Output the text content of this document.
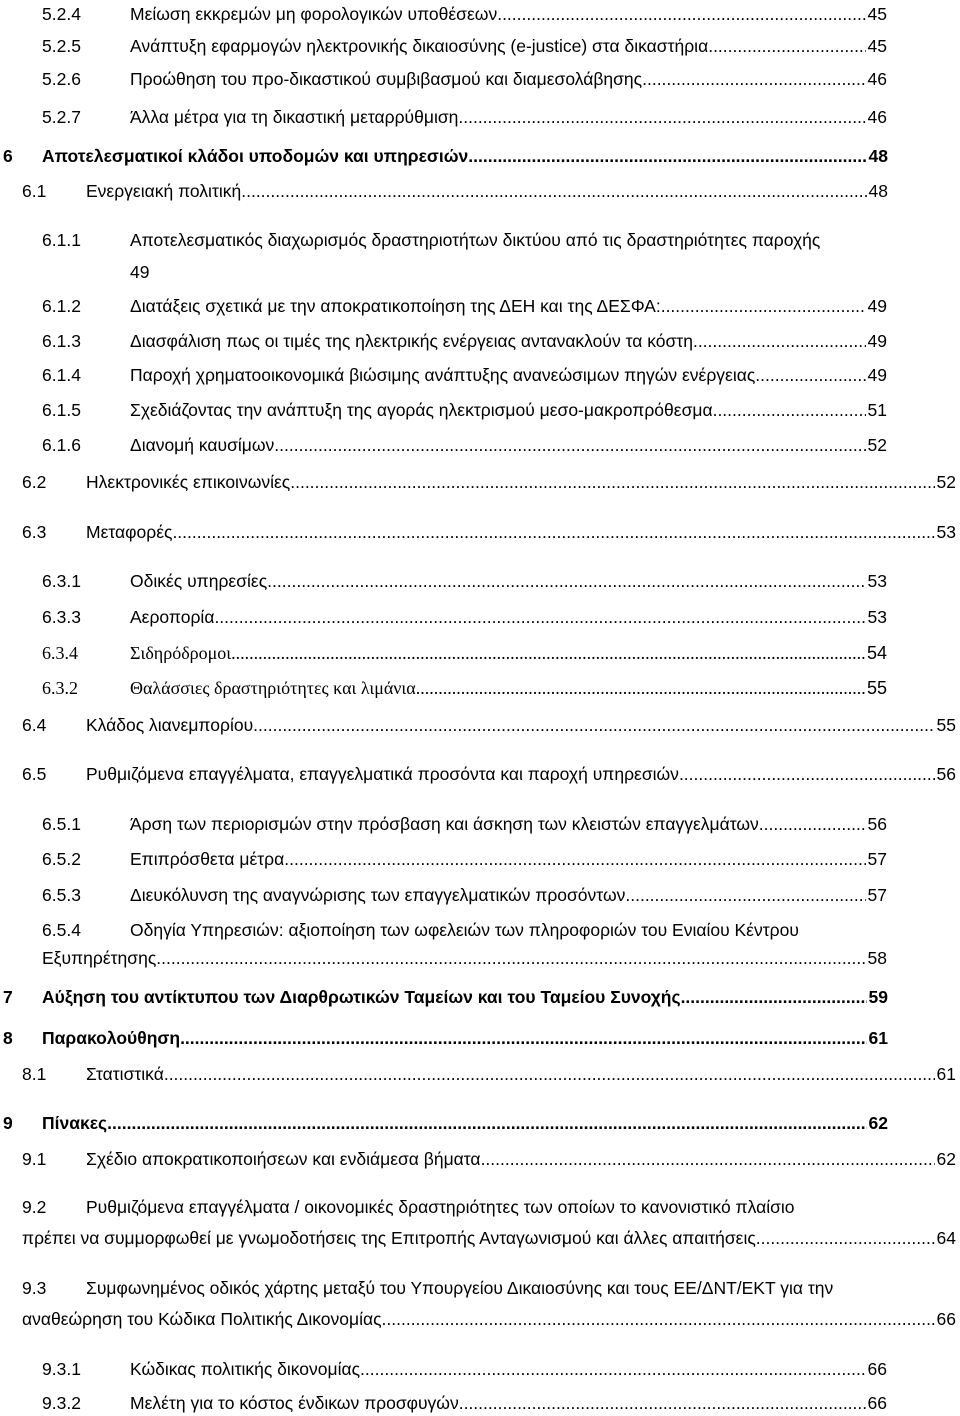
5.2.4	Μείωση εκκρεμών μη φορολογικών υποθέσεων .....	45
5.2.5	Ανάπτυξη εφαρμογών ηλεκτρονικής δικαιοσύνης (e-justice) στα δικαστήρια .....	45
5.2.6	Προώθηση του προ-δικαστικού συμβιβασμού και διαμεσολάβησης .....	46
5.2.7	Άλλα μέτρα για τη δικαστική μεταρρύθμιση .....	46
6 Αποτελεσματικοί κλάδοι υποδομών και υπηρεσιών .....	48
6.1 Ενεργειακή πολιτική .....	48
6.1.1	Αποτελεσματικός διαχωρισμός δραστηριοτήτων δικτύου από τις δραστηριότητες παροχής
49
6.1.2	Διατάξεις σχετικά με την αποκρατικοποίηση της ΔΕΗ και της ΔΕΣΦΑ: .....	49
6.1.3	Διασφάλιση πως οι τιμές της ηλεκτρικής ενέργειας αντανακλούν τα κόστη .....	49
6.1.4	Παροχή χρηματοοικονομικά βιώσιμης ανάπτυξης ανανεώσιμων πηγών ενέργειας .....	49
6.1.5	Σχεδιάζοντας την ανάπτυξη της αγοράς ηλεκτρισμού μεσο-μακροπρόθεσμα .....	51
6.1.6	Διανομή καυσίμων .....	52
6.2 Ηλεκτρονικές επικοινωνίες .....	52
6.3 Μεταφορές .....	53
6.3.1	Οδικές υπηρεσίες .....	53
6.3.3	Αεροπορία .....	53
6.3.4	Σιδηρόδρομοι .....	54
6.3.2	Θαλάσσιες δραστηριότητες και λιμάνια .....	55
6.4 Κλάδος λιανεμπορίου .....	55
6.5 Ρυθμιζόμενα επαγγέλματα, επαγγελματικά προσόντα και παροχή υπηρεσιών .....	56
6.5.1	Άρση των περιορισμών στην πρόσβαση και άσκηση των κλειστών επαγγελμάτων .....	56
6.5.2	Επιπρόσθετα μέτρα .....	57
6.5.3	Διευκόλυνση της αναγνώρισης των επαγγελματικών προσόντων .....	57
6.5.4	Οδηγία Υπηρεσιών: αξιοποίηση των ωφελειών των πληροφοριών του Ενιαίου Κέντρου
Εξυπηρέτησης .....	58
7 Αύξηση του αντίκτυπου των Διαρθρωτικών Ταμείων και του Ταμείου Συνοχής .....	59
8 Παρακολούθηση .....	61
8.1 Στατιστικά .....	61
9 Πίνακες .....	62
9.1 Σχέδιο αποκρατικοποιήσεων και ενδιάμεσα βήματα .....	62
9.2 Ρυθμιζόμενα επαγγέλματα / οικονομικές δραστηριότητες των οποίων το κανονιστικό πλαίσιο
πρέπει να συμμορφωθεί με γνωμοδοτήσεις της Επιτροπής Ανταγωνισμού και άλλες απαιτήσεις .....	64
9.3 Συμφωνημένος οδικός χάρτης μεταξύ του Υπουργείου Δικαιοσύνης και τους ΕΕ/ΔΝΤ/ΕΚΤ για την
αναθεώρηση του Κώδικα Πολιτικής Δικονομίας .....	66
9.3.1	Κώδικας πολιτικής δικονομίας .....	66
9.3.2	Μελέτη για το κόστος ένδικων προσφυγών .....	66
